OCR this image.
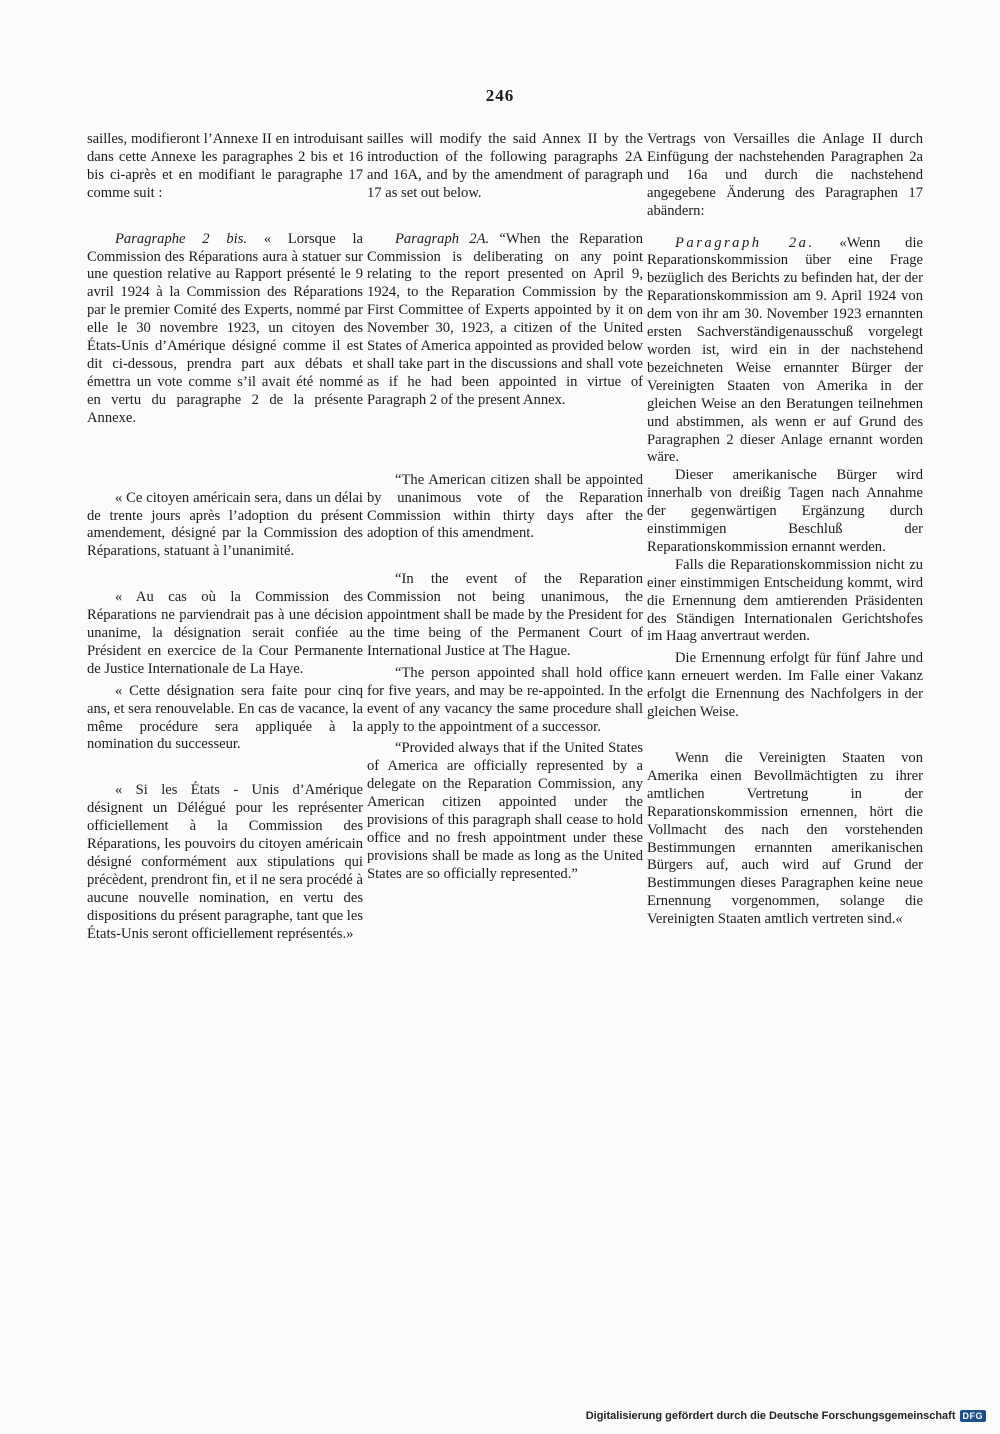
246

sailles, modifieront l’Annexe II en introduisant dans cette Annexe les paragraphes 2 bis et 16 bis ci-après et en modifiant le paragraphe 17 comme suit :

Paragraphe 2 bis. « Lorsque la Commission des Réparations aura à statuer sur une question relative au Rapport présenté le 9 avril 1924 à la Commission des Réparations par le premier Comité des Experts, nommé par elle le 30 novembre 1923, un citoyen des États-Unis d’Amérique désigné comme il est dit ci-dessous, prendra part aux débats et émettra un vote comme s’il avait été nommé en vertu du paragraphe 2 de la présente Annexe.

« Ce citoyen américain sera, dans un délai de trente jours après l’adoption du présent amendement, désigné par la Commission des Réparations, statuant à l’unanimité.

« Au cas où la Commission des Réparations ne parviendrait pas à une décision unanime, la désignation serait confiée au Président en exercice de la Cour Permanente de Justice Internationale de La Haye.

« Cette désignation sera faite pour cinq ans, et sera renouvelable. En cas de vacance, la même procédure sera appliquée à la nomination du successeur.

« Si les États - Unis d’Amérique désignent un Délégué pour les représenter officiellement à la Commission des Réparations, les pouvoirs du citoyen américain désigné conformément aux stipulations qui précèdent, prendront fin, et il ne sera procédé à aucune nouvelle nomination, en vertu des dispositions du présent paragraphe, tant que les États-Unis seront officiellement représentés.»

sailles will modify the said Annex II by the introduction of the following paragraphs 2A and 16A, and by the amendment of paragraph 17 as set out below.

Paragraph 2A. “When the Reparation Commission is deliberating on any point relating to the report presented on April 9, 1924, to the Reparation Commission by the First Committee of Experts appointed by it on November 30, 1923, a citizen of the United States of America appointed as provided below shall take part in the discussions and shall vote as if he had been appointed in virtue of Paragraph 2 of the present Annex.

“The American citizen shall be appointed by unanimous vote of the Reparation Commission within thirty days after the adoption of this amendment.

“In the event of the Reparation Commission not being unanimous, the appointment shall be made by the President for the time being of the Permanent Court of International Justice at The Hague.

“The person appointed shall hold office for five years, and may be re-appointed. In the event of any vacancy the same procedure shall apply to the appointment of a successor.

“Provided always that if the United States of America are officially represented by a delegate on the Reparation Commission, any American citizen appointed under the provisions of this paragraph shall cease to hold office and no fresh appointment under these provisions shall be made as long as the United States are so officially represented.”

Vertrags von Versailles die Anlage II durch Einfügung der nachstehenden Paragraphen 2a und 16a und durch die nachstehend angegebene Änderung des Paragraphen 17 abändern:

Paragraph 2a. «Wenn die Reparationskommission über eine Frage bezüglich des Berichts zu befinden hat, der der Reparationskommission am 9. April 1924 von dem von ihr am 30. November 1923 ernannten ersten Sachverständigenausschuß vorgelegt worden ist, wird ein in der nachstehend bezeichneten Weise ernannter Bürger der Vereinigten Staaten von Amerika in der gleichen Weise an den Beratungen teilnehmen und abstimmen, als wenn er auf Grund des Paragraphen 2 dieser Anlage ernannt worden wäre.

Dieser amerikanische Bürger wird innerhalb von dreißig Tagen nach Annahme der gegenwärtigen Ergänzung durch einstimmigen Beschluß der Reparationskommission ernannt werden.

Falls die Reparationskommission nicht zu einer einstimmigen Entscheidung kommt, wird die Ernennung dem amtierenden Präsidenten des Ständigen Internationalen Gerichtshofes im Haag anvertraut werden.

Die Ernennung erfolgt für fünf Jahre und kann erneuert werden. Im Falle einer Vakanz erfolgt die Ernennung des Nachfolgers in der gleichen Weise.

Wenn die Vereinigten Staaten von Amerika einen Bevollmächtigten zu ihrer amtlichen Vertretung in der Reparationskommission ernennen, hört die Vollmacht des nach den vorstehenden Bestimmungen ernannten amerikanischen Bürgers auf, auch wird auf Grund der Bestimmungen dieses Paragraphen keine neue Ernennung vorgenommen, solange die Vereinigten Staaten amtlich vertreten sind.«

Digitalisierung gefördert durch die Deutsche Forschungsgemeinschaft DFG
